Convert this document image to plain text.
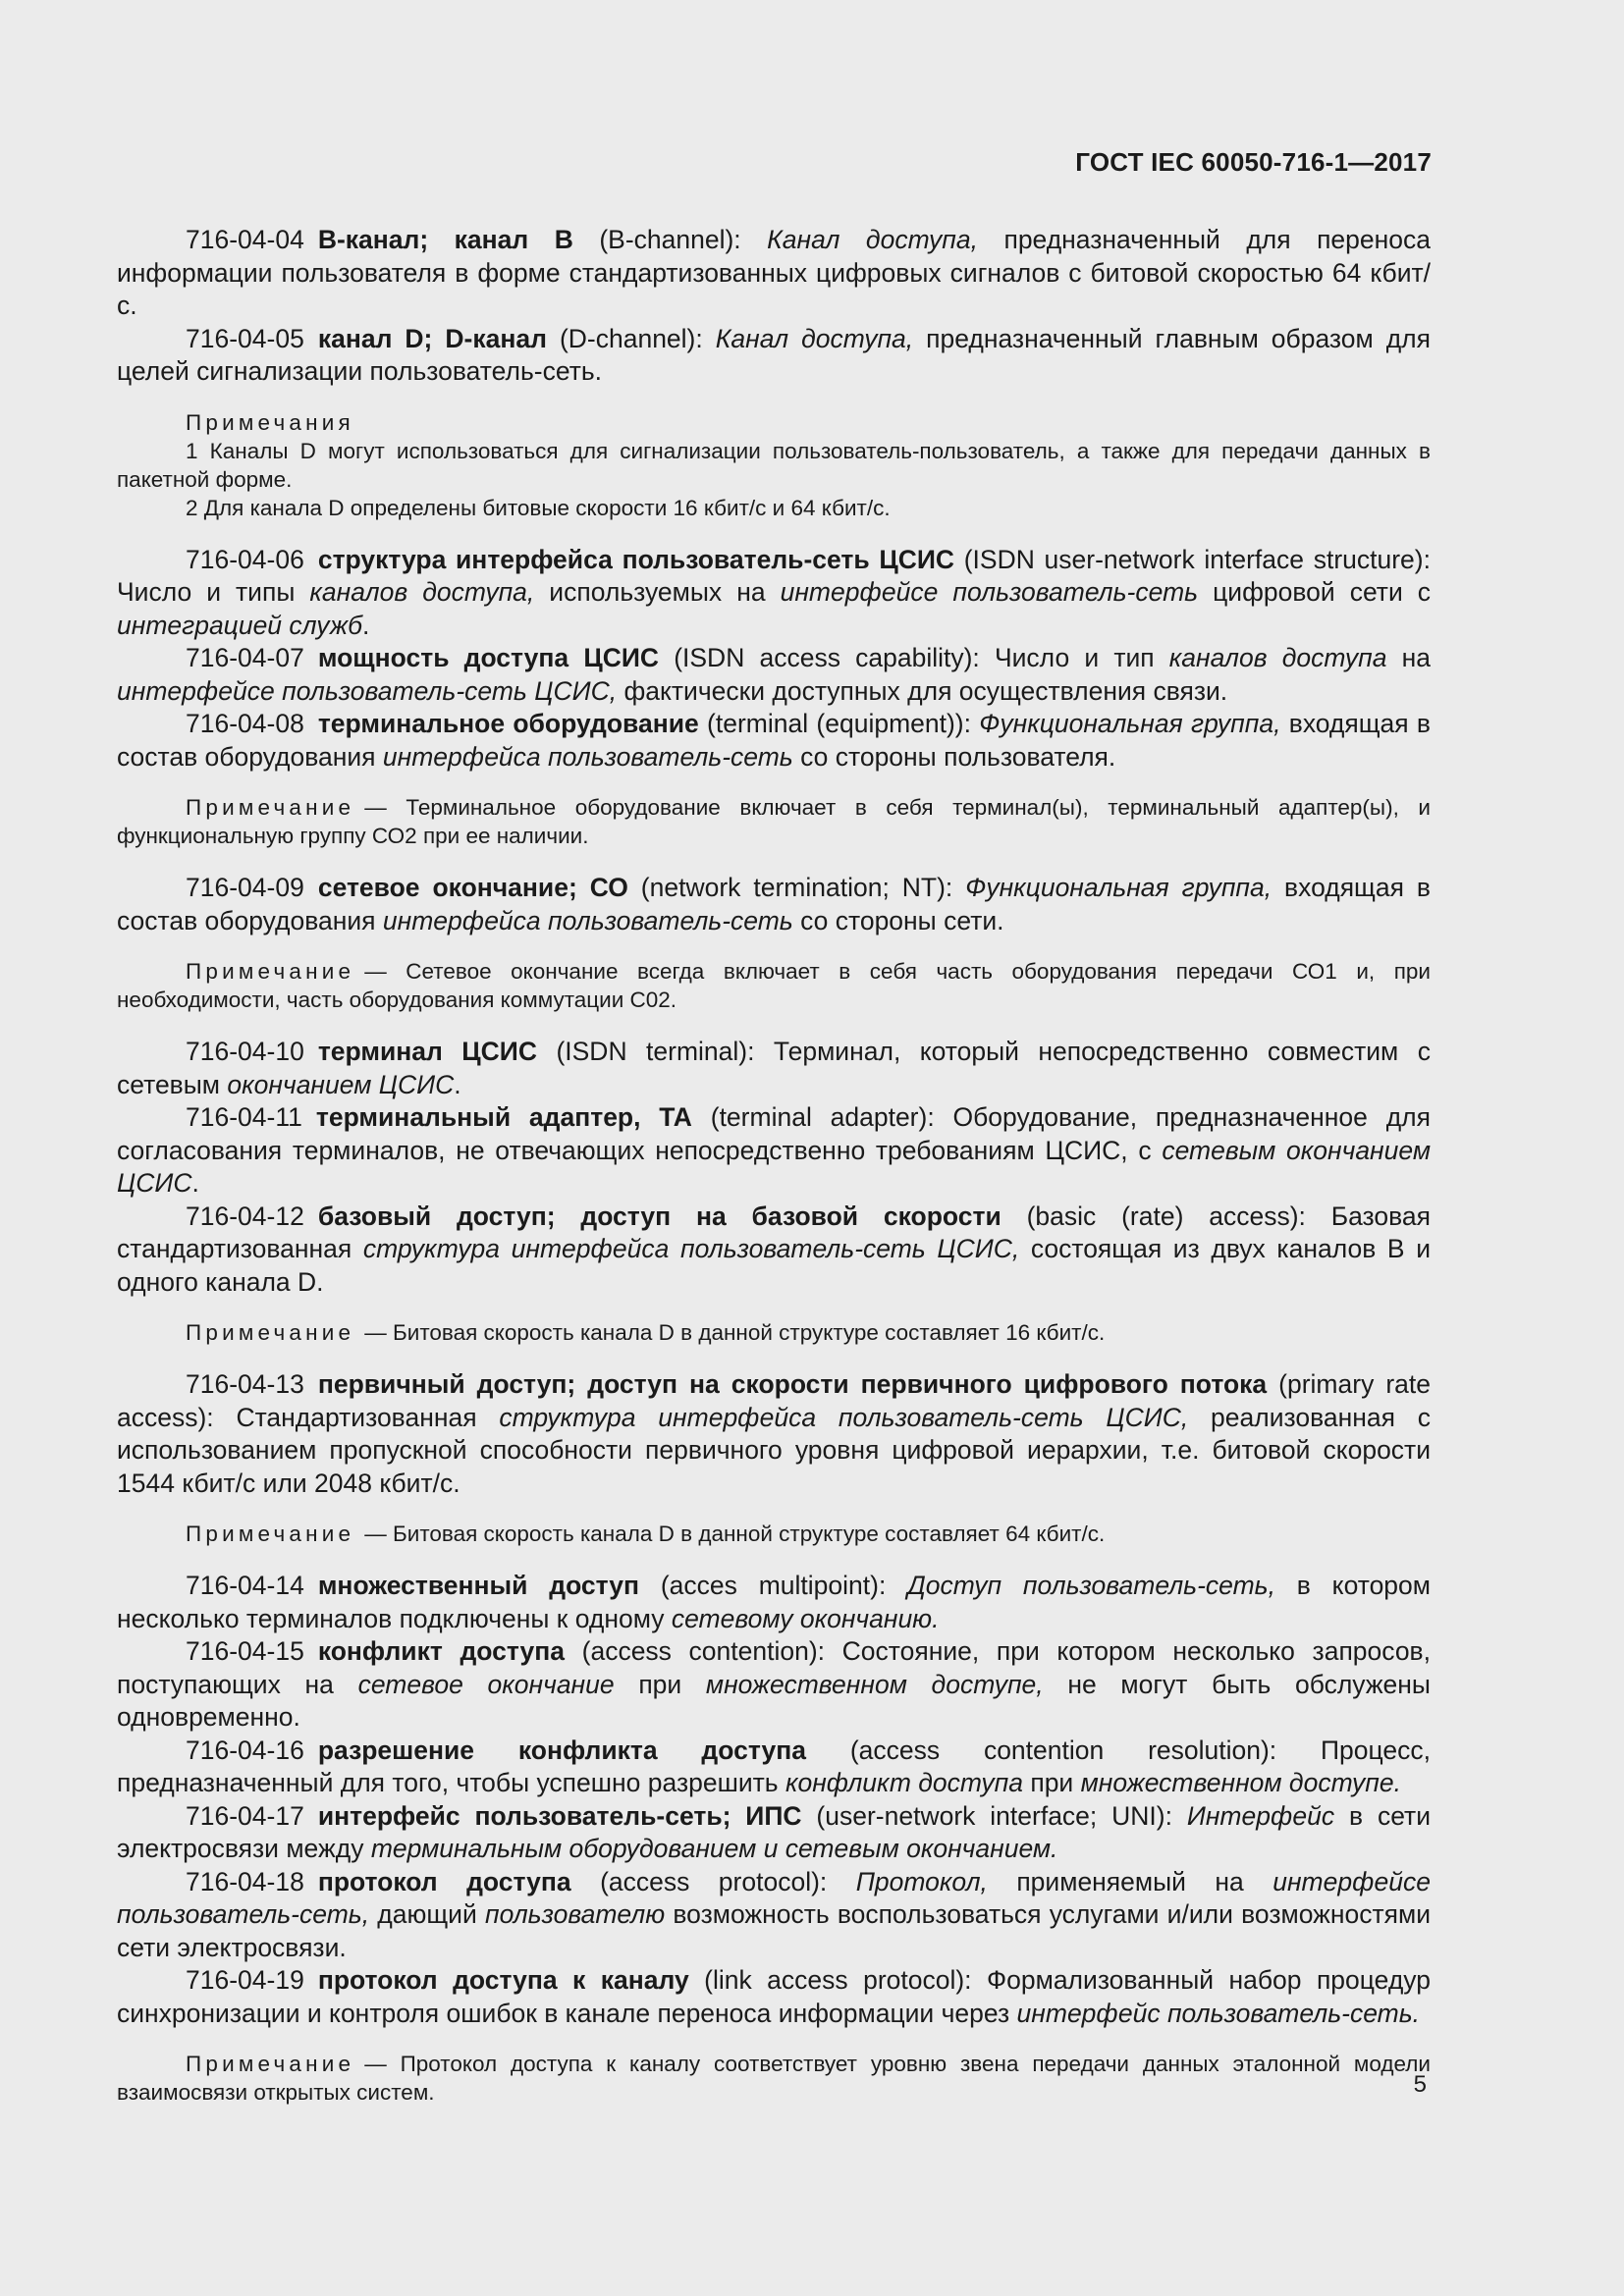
ГОСТ IEC 60050-716-1—2017

716-04-04 B-канал; канал B (B-channel): Канал доступа, предназначенный для переноса информации пользователя в форме стандартизованных цифровых сигналов с битовой скоростью 64 кбит/с.

716-04-05 канал D; D-канал (D-channel): Канал доступа, предназначенный главным образом для целей сигнализации пользователь-сеть.

Примечания

1 Каналы D могут использоваться для сигнализации пользователь-пользователь, а также для передачи данных в пакетной форме.

2 Для канала D определены битовые скорости 16 кбит/с и 64 кбит/с.

716-04-06 структура интерфейса пользователь-сеть ЦСИС (ISDN user-network interface structure): Число и типы каналов доступа, используемых на интерфейсе пользователь-сеть цифровой сети с интеграцией служб.

716-04-07 мощность доступа ЦСИС (ISDN access capability): Число и тип каналов доступа на интерфейсе пользователь-сеть ЦСИС, фактически доступных для осуществления связи.

716-04-08 терминальное оборудование (terminal (equipment)): Функциональная группа, входящая в состав оборудования интерфейса пользователь-сеть со стороны пользователя.

Примечание — Терминальное оборудование включает в себя терминал(ы), терминальный адаптер(ы), и функциональную группу СО2 при ее наличии.

716-04-09 сетевое окончание; СО (network termination; NT): Функциональная группа, входящая в состав оборудования интерфейса пользователь-сеть со стороны сети.

Примечание — Сетевое окончание всегда включает в себя часть оборудования передачи СО1 и, при необходимости, часть оборудования коммутации С02.

716-04-10 терминал ЦСИС (ISDN terminal): Терминал, который непосредственно совместим с сетевым окончанием ЦСИС.

716-04-11 терминальный адаптер, ТА (terminal adapter): Оборудование, предназначенное для согласования терминалов, не отвечающих непосредственно требованиям ЦСИС, с сетевым окончанием ЦСИС.

716-04-12 базовый доступ; доступ на базовой скорости (basic (rate) access): Базовая стандартизованная структура интерфейса пользователь-сеть ЦСИС, состоящая из двух каналов B и одного канала D.

Примечание — Битовая скорость канала D в данной структуре составляет 16 кбит/с.

716-04-13 первичный доступ; доступ на скорости первичного цифрового потока (primary rate access): Стандартизованная структура интерфейса пользователь-сеть ЦСИС, реализованная с использованием пропускной способности первичного уровня цифровой иерархии, т.е. битовой скорости 1544 кбит/с или 2048 кбит/с.

Примечание — Битовая скорость канала D в данной структуре составляет 64 кбит/с.

716-04-14 множественный доступ (acces multipoint): Доступ пользователь-сеть, в котором несколько терминалов подключены к одному сетевому окончанию.

716-04-15 конфликт доступа (access contention): Состояние, при котором несколько запросов, поступающих на сетевое окончание при множественном доступе, не могут быть обслужены одновременно.

716-04-16 разрешение конфликта доступа (access contention resolution): Процесс, предназначенный для того, чтобы успешно разрешить конфликт доступа при множественном доступе.

716-04-17 интерфейс пользователь-сеть; ИПС (user-network interface; UNI): Интерфейс в сети электросвязи между терминальным оборудованием и сетевым окончанием.

716-04-18 протокол доступа (access protocol): Протокол, применяемый на интерфейсе пользователь-сеть, дающий пользователю возможность воспользоваться услугами и/или возможностями сети электросвязи.

716-04-19 протокол доступа к каналу (link access protocol): Формализованный набор процедур синхронизации и контроля ошибок в канале переноса информации через интерфейс пользователь-сеть.

Примечание — Протокол доступа к каналу соответствует уровню звена передачи данных эталонной модели взаимосвязи открытых систем.	5
